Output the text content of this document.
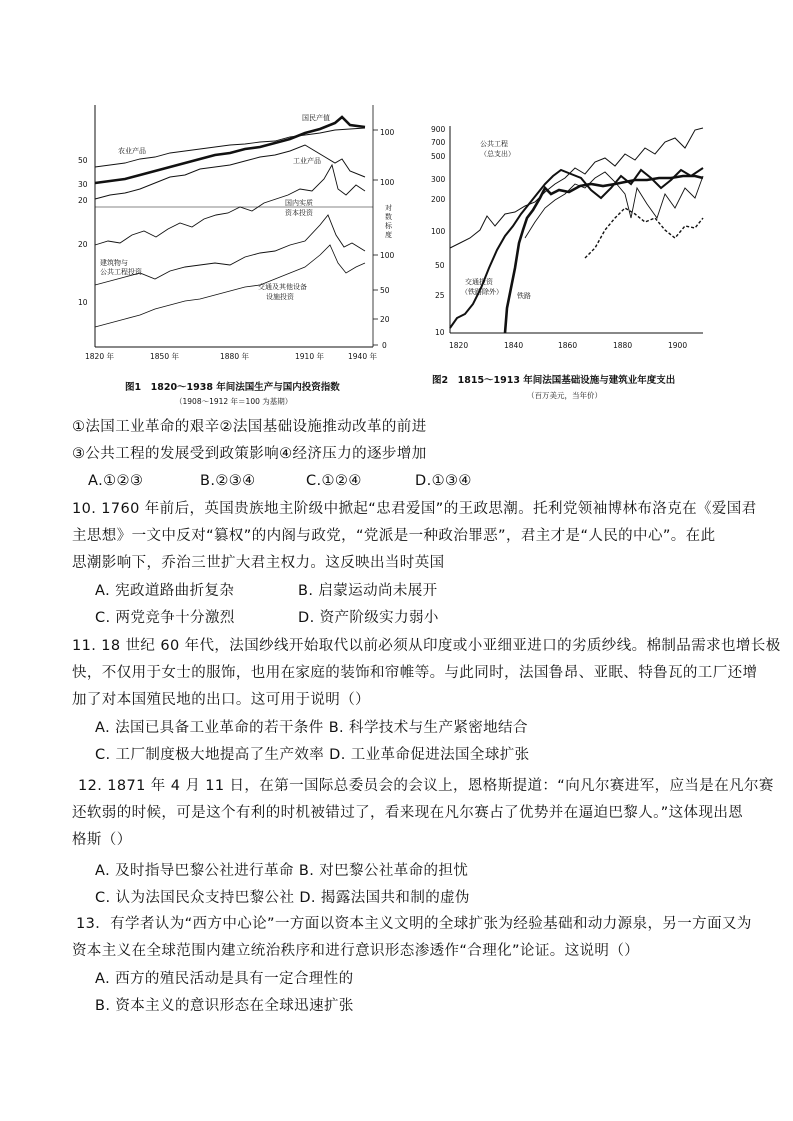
50
30
20
20
10
100
100
100
50
20
0
对
数
标
度
1820 年	1850 年	1880 年	1910 年	1940 年
国民产值
农业产品
工业产品
国内实质
资本投资
建筑物与
公共工程投资
交通及其他设备
设施投资
图1　1820～1938 年间法国生产与国内投资指数
（1908～1912 年＝100 为基期）
900
700
500
300
200
100
50
25
10
1820	1840	1860	1880	1900
公共工程
（总支出）
交通投资
（铁路除外） 铁路
图2　1815～1913 年间法国基础设施与建筑业年度支出
（百万美元，当年价）
①法国工业革命的艰辛②法国基础设施推动改革的前进
③公共工程的发展受到政策影响④经济压力的逐步增加
A.①②③	B.②③④	C.①②④	D.①③④
10. 1760 年前后，英国贵族地主阶级中掀起“忠君爱国”的王政思潮。托利党领袖博林布洛克在《爱国君
主思想》一文中反对“篡权”的内阁与政党，“党派是一种政治罪恶”，君主才是“人民的中心”。在此
思潮影响下，乔治三世扩大君主权力。这反映出当时英国
A. 宪政道路曲折复杂	B. 启蒙运动尚未展开
C. 两党竞争十分激烈	D. 资产阶级实力弱小
11. 18 世纪 60 年代，法国纱线开始取代以前必须从印度或小亚细亚进口的劣质纱线。棉制品需求也增长极
快，不仅用于女士的服饰，也用在家庭的装饰和帘帷等。与此同时，法国鲁昂、亚眠、特鲁瓦的工厂还增
加了对本国殖民地的出口。这可用于说明（）
A. 法国已具备工业革命的若干条件 B. 科学技术与生产紧密地结合
C. 工厂制度极大地提高了生产效率 D. 工业革命促进法国全球扩张
12. 1871 年 4 月 11 日，在第一国际总委员会的会议上，恩格斯提道：“向凡尔赛进军，应当是在凡尔赛
还软弱的时候，可是这个有利的时机被错过了，看来现在凡尔赛占了优势并在逼迫巴黎人。”这体现出恩
格斯（）
A. 及时指导巴黎公社进行革命 B. 对巴黎公社革命的担忧
C. 认为法国民众支持巴黎公社 D. 揭露法国共和制的虚伪
13．有学者认为“西方中心论”一方面以资本主义文明的全球扩张为经验基础和动力源泉，另一方面又为
资本主义在全球范围内建立统治秩序和进行意识形态渗透作“合理化”论证。这说明（）
A. 西方的殖民活动是具有一定合理性的
B. 资本主义的意识形态在全球迅速扩张
